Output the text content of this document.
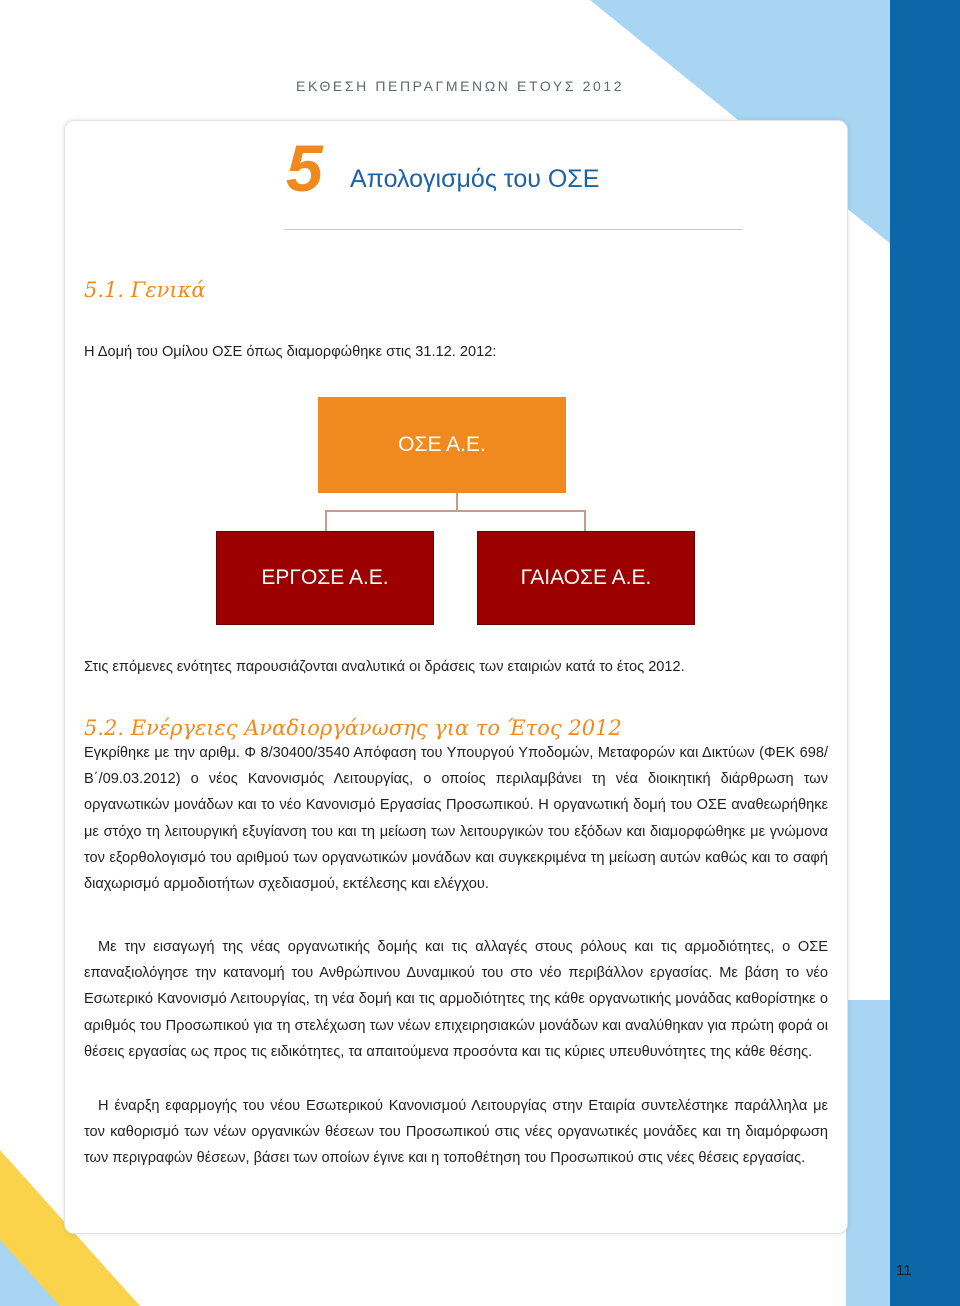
ΕΚΘΕΣΗ ΠΕΠΡΑΓΜΕΝΩΝ ΕΤΟΥΣ 2012
5 Απολογισμός του ΟΣΕ
5.1. Γενικά
Η Δομή του Ομίλου ΟΣΕ όπως διαμορφώθηκε στις 31.12. 2012:
ΟΣΕ Α.Ε.
ΕΡΓΟΣΕ Α.Ε.	ΓΑΙΑΟΣΕ Α.Ε.
Στις επόμενες ενότητες παρουσιάζονται αναλυτικά οι δράσεις των εταιριών κατά το έτος 2012.
5.2. Ενέργειες Αναδιοργάνωσης για το Έτος 2012
Εγκρίθηκε με την αριθμ. Φ 8/30400/3540 Απόφαση του Υπουργού Υποδομών, Μεταφορών και Δικτύων (ΦΕΚ 698/Β΄/09.03.2012) ο νέος Κανονισμός Λειτουργίας, ο οποίος περιλαμβάνει τη νέα διοικητική διάρθρωση των οργανωτικών μονάδων και το νέο Κανονισμό Εργασίας Προσωπικού. Η οργανωτική δομή του ΟΣΕ αναθεωρήθηκε με στόχο τη λειτουργική εξυγίανση του και τη μείωση των λειτουργικών του εξόδων και διαμορφώθηκε με γνώμονα τον εξορθολογισμό του αριθμού των οργανωτικών μονάδων και συγκεκριμένα τη μείωση αυτών καθώς και το σαφή διαχωρισμό αρμοδιοτήτων σχεδιασμού, εκτέλεσης και ελέγχου.
Με την εισαγωγή της νέας οργανωτικής δομής και τις αλλαγές στους ρόλους και τις αρμοδιότητες, ο ΟΣΕ επαναξιολόγησε την κατανομή του Ανθρώπινου Δυναμικού του στο νέο περιβάλλον εργασίας. Με βάση το νέο Εσωτερικό Κανονισμό Λειτουργίας, τη νέα δομή και τις αρμοδιότητες της κάθε οργανωτικής μονάδας καθορίστηκε ο αριθμός του Προσωπικού για τη στελέχωση των νέων επιχειρησιακών μονάδων και αναλύθηκαν για πρώτη φορά οι θέσεις εργασίας ως προς τις ειδικότητες, τα απαιτούμενα προσόντα και τις κύριες υπευθυνότητες της κάθε θέσης.
Η έναρξη εφαρμογής του νέου Εσωτερικού Κανονισμού Λειτουργίας στην Εταιρία συντελέστηκε παράλληλα με τον καθορισμό των νέων οργανικών θέσεων του Προσωπικού στις νέες οργανωτικές μονάδες και τη διαμόρφωση των περιγραφών θέσεων, βάσει των οποίων έγινε και η τοποθέτηση του Προσωπικού στις νέες θέσεις εργασίας.
11
